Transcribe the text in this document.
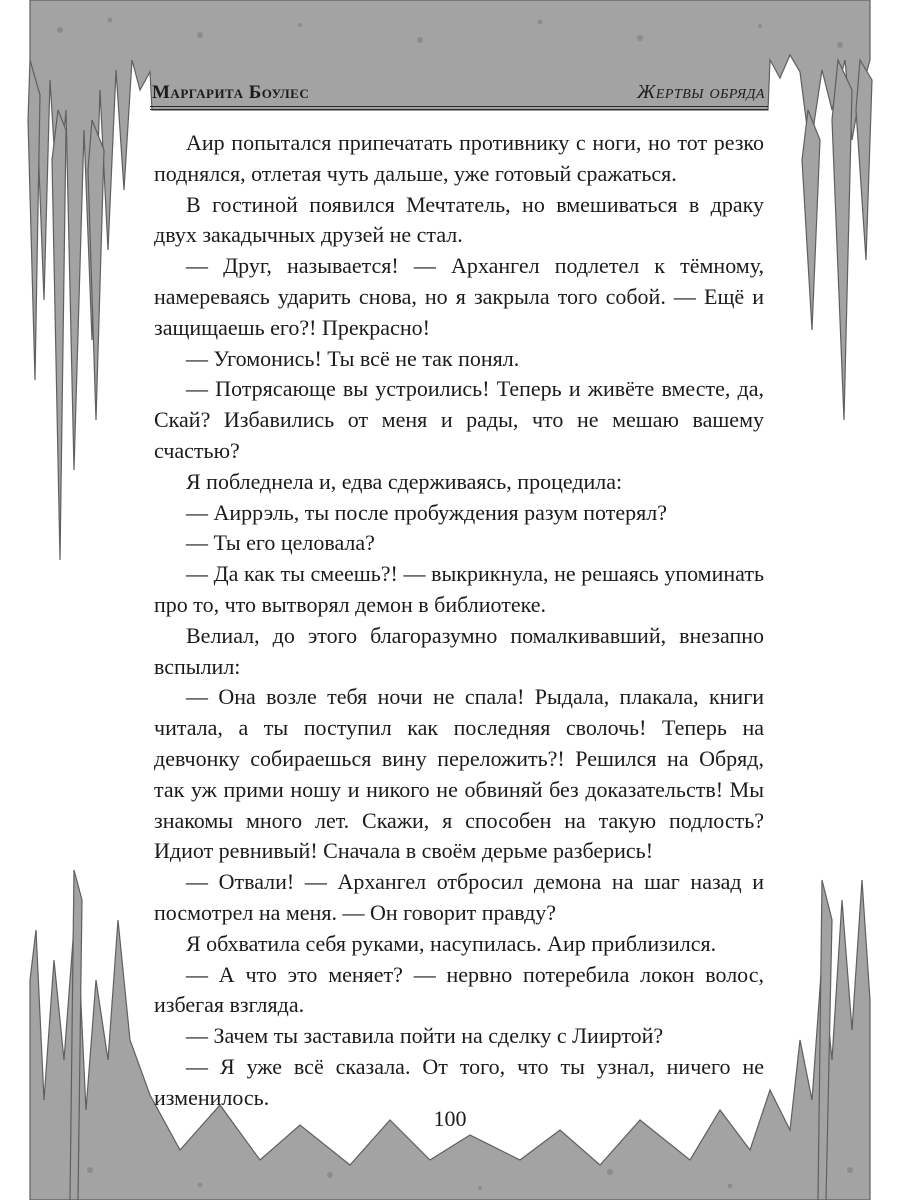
Маргарита Боулес	Жертвы обряда

Аир попытался припечатать противнику с ноги, но тот резко поднялся, отлетая чуть дальше, уже готовый сражаться.

В гостиной появился Мечтатель, но вмешиваться в драку двух закадычных друзей не стал.

— Друг, называется! — Архангел подлетел к тёмному, намереваясь ударить снова, но я закрыла того собой. — Ещё и защищаешь его?! Прекрасно!

— Угомонись! Ты всё не так понял.

— Потрясающе вы устроились! Теперь и живёте вместе, да, Скай? Избавились от меня и рады, что не мешаю вашему счастью?

Я побледнела и, едва сдерживаясь, процедила:

— Аиррэль, ты после пробуждения разум потерял?

— Ты его целовала?

— Да как ты смеешь?! — выкрикнула, не решаясь упоминать про то, что вытворял демон в библиотеке.

Велиал, до этого благоразумно помалкивавший, внезапно вспылил:

— Она возле тебя ночи не спала! Рыдала, плакала, книги читала, а ты поступил как последняя сволочь! Теперь на девчонку собираешься вину переложить?! Решился на Обряд, так уж прими ношу и никого не обвиняй без доказательств! Мы знакомы много лет. Скажи, я способен на такую подлость? Идиот ревнивый! Сначала в своём дерьме разберись!

— Отвали! — Архангел отбросил демона на шаг назад и посмотрел на меня. — Он говорит правду?

Я обхватила себя руками, насупилась. Аир приблизился.

— А что это меняет? — нервно потеребила локон волос, избегая взгляда.

— Зачем ты заставила пойти на сделку с Лииртой?

— Я уже всё сказала. От того, что ты узнал, ничего не изменилось.

100
